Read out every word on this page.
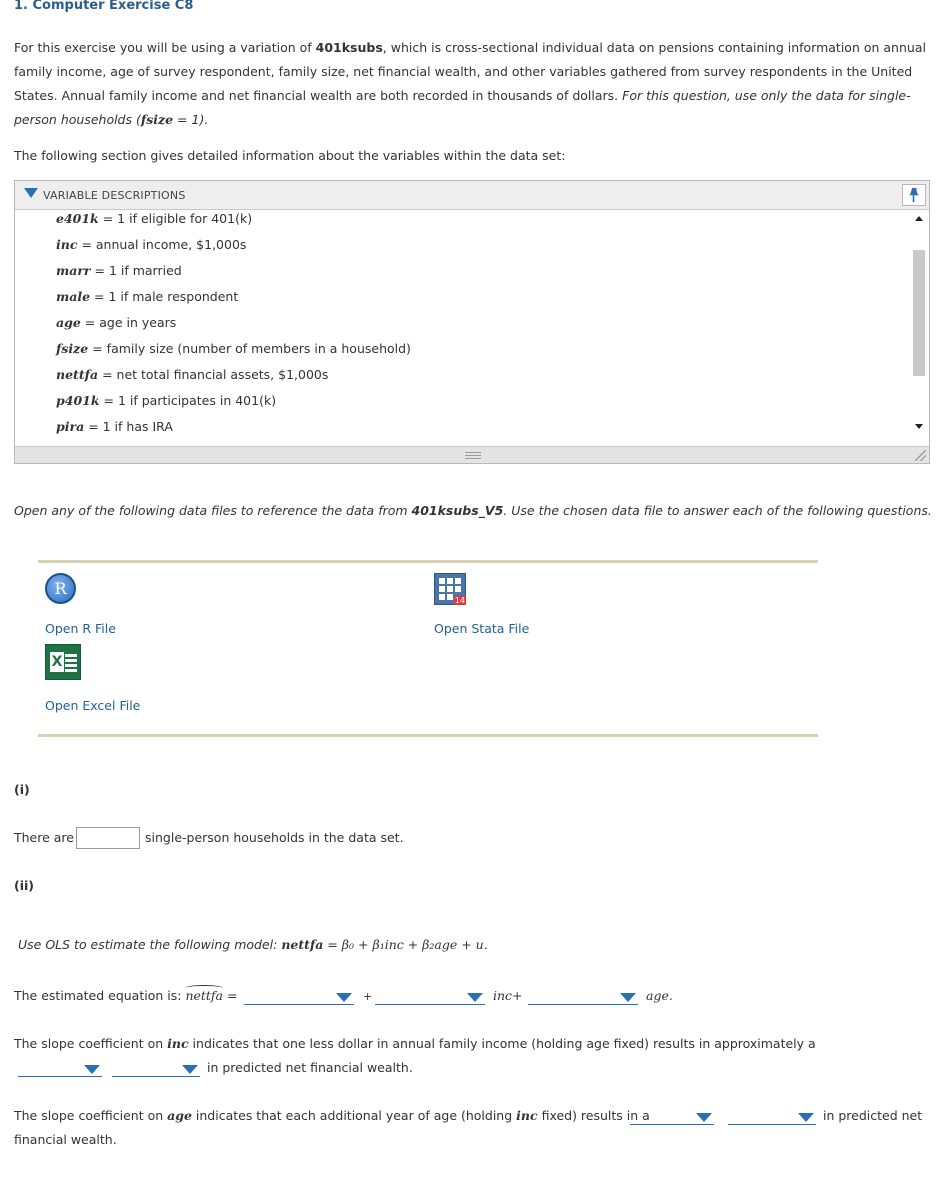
1. Computer Exercise C8
For this exercise you will be using a variation of 401ksubs, which is cross-sectional individual data on pensions containing information on annual family income, age of survey respondent, family size, net financial wealth, and other variables gathered from survey respondents in the United States. Annual family income and net financial wealth are both recorded in thousands of dollars. For this question, use only the data for single-person households (fsize = 1).
The following section gives detailed information about the variables within the data set:
VARIABLE DESCRIPTIONS
e401k = 1 if eligible for 401(k)
inc = annual income, $1,000s
marr = 1 if married
male = 1 if male respondent
age = age in years
fsize = family size (number of members in a household)
nettfa = net total financial assets, $1,000s
p401k = 1 if participates in 401(k)
pira = 1 if has IRA
Open any of the following data files to reference the data from 401ksubs_V5. Use the chosen data file to answer each of the following questions.
R
Open R File
14
Open Stata File
X
Open Excel File
(i)
There are	single-person households in the data set.
(ii)
Use OLS to estimate the following model: nettfa = β₀ + β₁inc + β₂age + u.
The estimated equation is: nettfa =	+	inc+	age.
The slope coefficient on inc indicates that one less dollar in annual family income (holding age fixed) results in approximately a
in predicted net financial wealth.
The slope coefficient on age indicates that each additional year of age (holding inc fixed) results in a	in predicted net
financial wealth.
